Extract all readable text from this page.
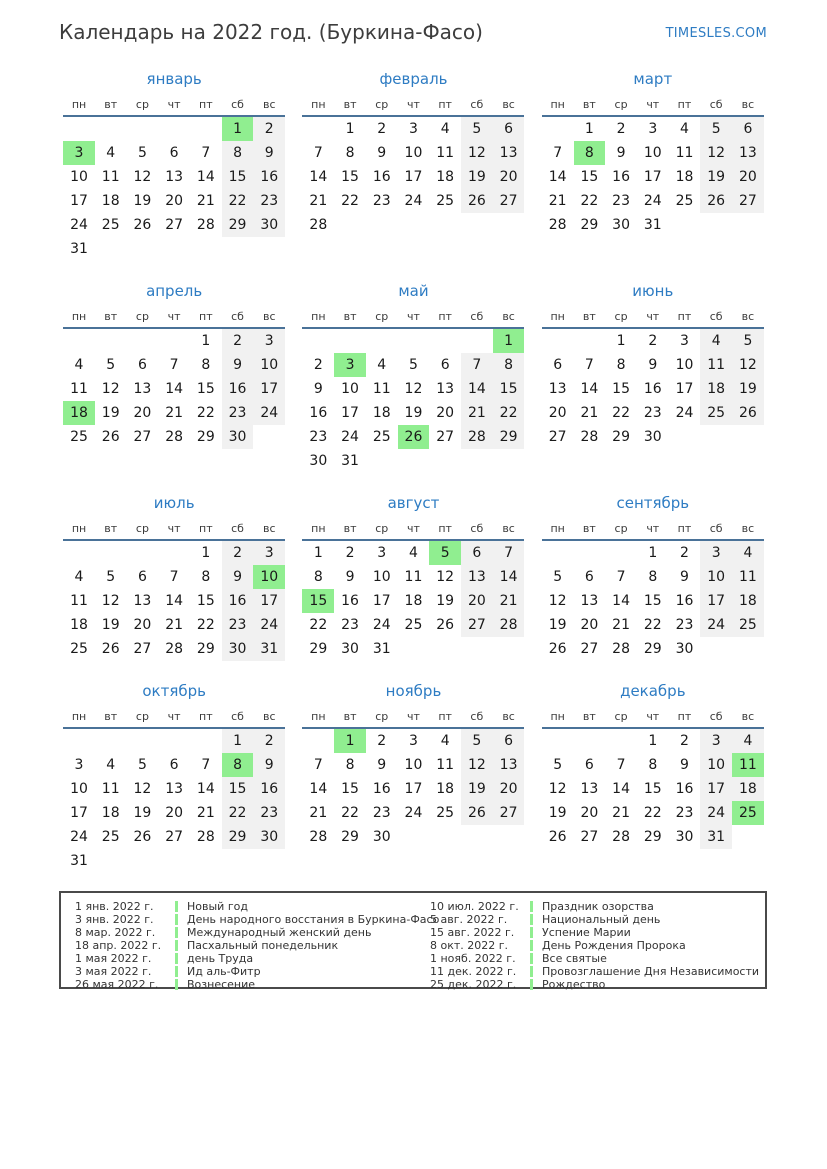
Календарь на 2022 год. (Буркина-Фасо)	TIMESLES.COM
январь
пн	вт	ср	чт	пт	сб	вс
					1	2
3	4	5	6	7	8	9
10	11	12	13	14	15	16
17	18	19	20	21	22	23
24	25	26	27	28	29	30
31						
февраль
пн	вт	ср	чт	пт	сб	вс
	1	2	3	4	5	6
7	8	9	10	11	12	13
14	15	16	17	18	19	20
21	22	23	24	25	26	27
28						
март
пн	вт	ср	чт	пт	сб	вс
	1	2	3	4	5	6
7	8	9	10	11	12	13
14	15	16	17	18	19	20
21	22	23	24	25	26	27
28	29	30	31			
апрель
пн	вт	ср	чт	пт	сб	вс
				1	2	3
4	5	6	7	8	9	10
11	12	13	14	15	16	17
18	19	20	21	22	23	24
25	26	27	28	29	30	
май
пн	вт	ср	чт	пт	сб	вс
						1
2	3	4	5	6	7	8
9	10	11	12	13	14	15
16	17	18	19	20	21	22
23	24	25	26	27	28	29
30	31					
июнь
пн	вт	ср	чт	пт	сб	вс
		1	2	3	4	5
6	7	8	9	10	11	12
13	14	15	16	17	18	19
20	21	22	23	24	25	26
27	28	29	30			
июль
пн	вт	ср	чт	пт	сб	вс
				1	2	3
4	5	6	7	8	9	10
11	12	13	14	15	16	17
18	19	20	21	22	23	24
25	26	27	28	29	30	31
август
пн	вт	ср	чт	пт	сб	вс
1	2	3	4	5	6	7
8	9	10	11	12	13	14
15	16	17	18	19	20	21
22	23	24	25	26	27	28
29	30	31				
сентябрь
пн	вт	ср	чт	пт	сб	вс
			1	2	3	4
5	6	7	8	9	10	11
12	13	14	15	16	17	18
19	20	21	22	23	24	25
26	27	28	29	30		
октябрь
пн	вт	ср	чт	пт	сб	вс
					1	2
3	4	5	6	7	8	9
10	11	12	13	14	15	16
17	18	19	20	21	22	23
24	25	26	27	28	29	30
31						
ноябрь
пн	вт	ср	чт	пт	сб	вс
	1	2	3	4	5	6
7	8	9	10	11	12	13
14	15	16	17	18	19	20
21	22	23	24	25	26	27
28	29	30				
декабрь
пн	вт	ср	чт	пт	сб	вс
			1	2	3	4
5	6	7	8	9	10	11
12	13	14	15	16	17	18
19	20	21	22	23	24	25
26	27	28	29	30	31	
1 янв. 2022 г.	Новый год
3 янв. 2022 г.	День народного восстания в Буркина-Фасо
8 мар. 2022 г.	Международный женский день
18 апр. 2022 г.	Пасхальный понедельник
1 мая 2022 г.	день Труда
3 мая 2022 г.	Ид аль-Фитр
26 мая 2022 г.	Вознесение
10 июл. 2022 г.	Праздник озорства
5 авг. 2022 г.	Национальный день
15 авг. 2022 г.	Успение Марии
8 окт. 2022 г.	День Рождения Пророка
1 нояб. 2022 г.	Все святые
11 дек. 2022 г.	Провозглашение Дня Независимости
25 дек. 2022 г.	Рождество
